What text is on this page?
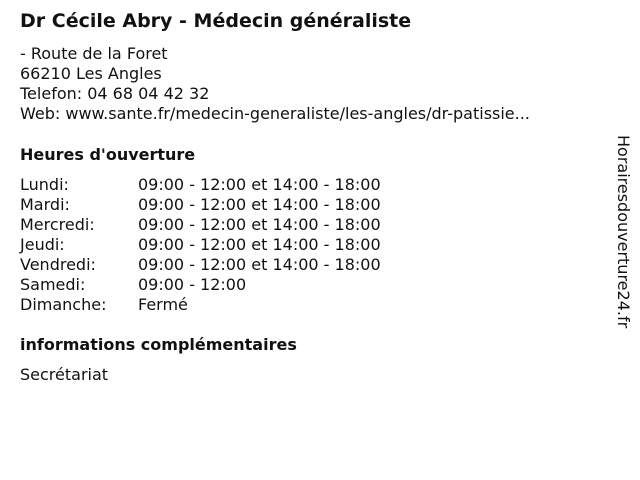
Dr Cécile Abry - Médecin généraliste
- Route de la Foret
66210 Les Angles
Telefon: 04 68 04 42 32
Web: www.sante.fr/medecin-generaliste/les-angles/dr-patissie...
Heures d'ouverture
Lundi:	09:00 - 12:00 et 14:00 - 18:00
Mardi:	09:00 - 12:00 et 14:00 - 18:00
Mercredi:	09:00 - 12:00 et 14:00 - 18:00
Jeudi:	09:00 - 12:00 et 14:00 - 18:00
Vendredi:	09:00 - 12:00 et 14:00 - 18:00
Samedi:	09:00 - 12:00
Dimanche:	Fermé
informations complémentaires
Secrétariat
Horairesdouverture24.fr
